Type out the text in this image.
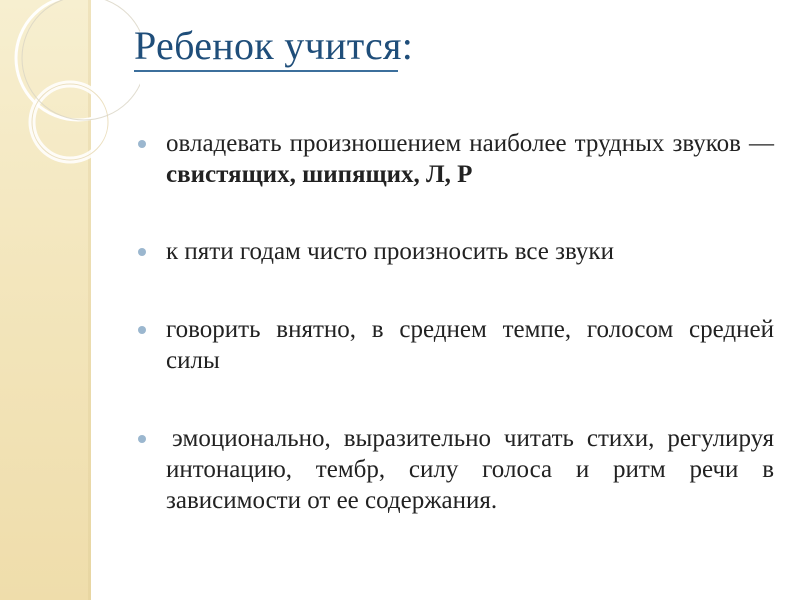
Ребенок учится:
овладевать произношением наиболее трудных звуков — свистящих, шипящих, Л, Р
к пяти годам чисто произносить все звуки
говорить внятно, в среднем темпе, голосом средней силы
эмоционально, выразительно читать стихи, регулируя интонацию, тембр, силу голоса и ритм речи в зависимости от ее содержания.
